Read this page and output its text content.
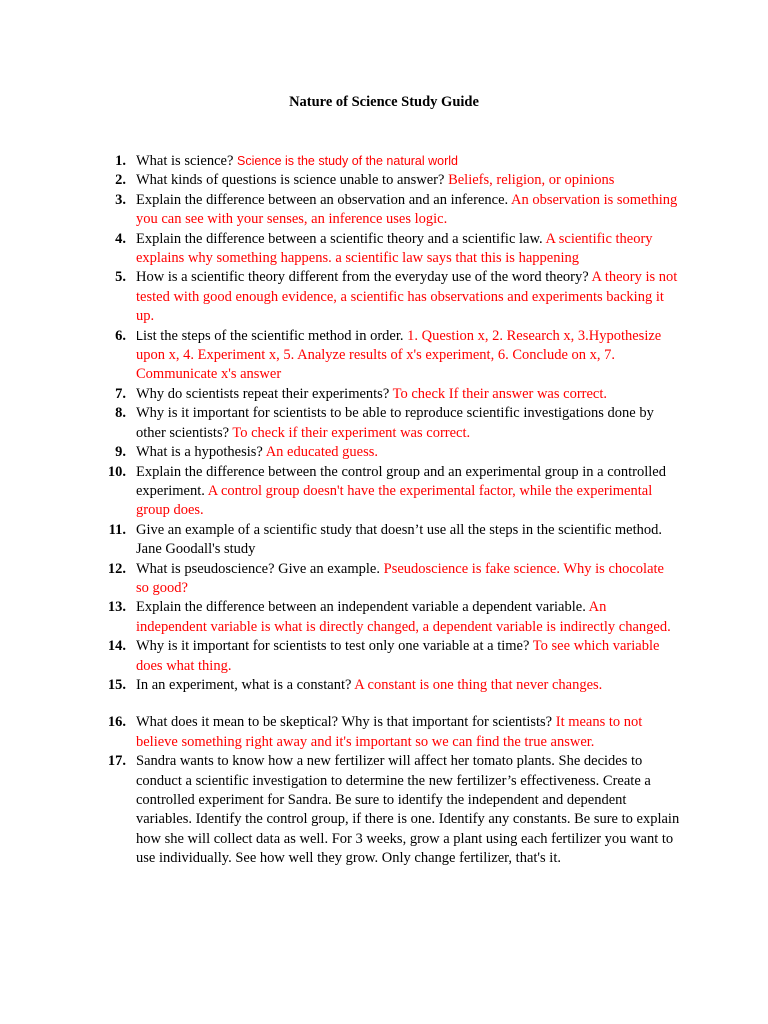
Nature of Science Study Guide
1. What is science? Science is the study of the natural world
2. What kinds of questions is science unable to answer? Beliefs, religion, or opinions
3. Explain the difference between an observation and an inference. An observation is something you can see with your senses, an inference uses logic.
4. Explain the difference between a scientific theory and a scientific law. A scientific theory explains why something happens. a scientific law says that this is happening
5. How is a scientific theory different from the everyday use of the word theory? A theory is not tested with good enough evidence, a scientific has observations and experiments backing it up.
6. List the steps of the scientific method in order. 1. Question x, 2. Research x, 3.Hypothesize upon x, 4. Experiment x, 5. Analyze results of x's experiment, 6. Conclude on x, 7. Communicate x's answer
7. Why do scientists repeat their experiments? To check If their answer was correct.
8. Why is it important for scientists to be able to reproduce scientific investigations done by other scientists? To check if their experiment was correct.
9. What is a hypothesis? An educated guess.
10. Explain the difference between the control group and an experimental group in a controlled experiment. A control group doesn't have the experimental factor, while the experimental group does.
11. Give an example of a scientific study that doesn’t use all the steps in the scientific method. Jane Goodall's study
12. What is pseudoscience? Give an example. Pseudoscience is fake science. Why is chocolate so good?
13. Explain the difference between an independent variable a dependent variable. An independent variable is what is directly changed, a dependent variable is indirectly changed.
14. Why is it important for scientists to test only one variable at a time? To see which variable does what thing.
15. In an experiment, what is a constant? A constant is one thing that never changes.
16. What does it mean to be skeptical? Why is that important for scientists? It means to not believe something right away and it's important so we can find the true answer.
17. Sandra wants to know how a new fertilizer will affect her tomato plants. She decides to conduct a scientific investigation to determine the new fertilizer’s effectiveness. Create a controlled experiment for Sandra. Be sure to identify the independent and dependent variables. Identify the control group, if there is one. Identify any constants. Be sure to explain how she will collect data as well. For 3 weeks, grow a plant using each fertilizer you want to use individually. See how well they grow. Only change fertilizer, that's it.
